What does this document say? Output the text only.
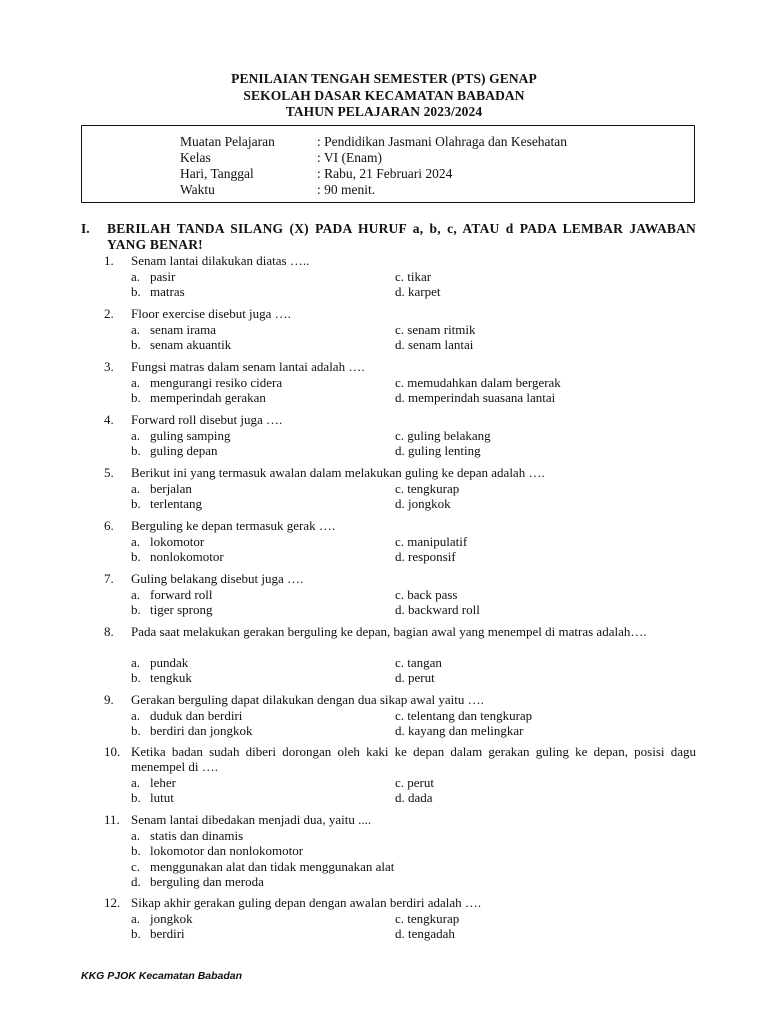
PENILAIAN TENGAH SEMESTER (PTS) GENAP
SEKOLAH DASAR KECAMATAN BABADAN
TAHUN PELAJARAN 2023/2024
Muatan Pelajaran	: Pendidikan Jasmani Olahraga dan Kesehatan
Kelas	: VI (Enam)
Hari, Tanggal	: Rabu, 21 Februari 2024
Waktu	: 90 menit.
I. BERILAH TANDA SILANG (X) PADA HURUF a, b, c, ATAU d PADA LEMBAR JAWABAN YANG BENAR!
1. Senam lantai dilakukan diatas …..
a. pasir	c. tikar
b. matras	d. karpet
2. Floor exercise disebut juga ….
a. senam irama	c. senam ritmik
b. senam akuantik	d. senam lantai
3. Fungsi matras dalam senam lantai adalah ….
a. mengurangi resiko cidera	c. memudahkan dalam bergerak
b. memperindah gerakan	d. memperindah suasana lantai
4. Forward roll disebut juga ….
a. guling samping	c. guling belakang
b. guling depan	d. guling lenting
5. Berikut ini yang termasuk awalan dalam melakukan guling ke depan adalah ….
a. berjalan	c. tengkurap
b. terlentang	d. jongkok
6. Berguling ke depan termasuk gerak ….
a. lokomotor	c. manipulatif
b. nonlokomotor	d. responsif
7. Guling belakang disebut juga ….
a. forward roll	c. back pass
b. tiger sprong	d. backward roll
8. Pada saat melakukan gerakan berguling ke depan, bagian awal yang menempel di matras adalah….
a. pundak	c. tangan
b. tengkuk	d. perut
9. Gerakan berguling dapat dilakukan dengan dua sikap awal yaitu ….
a. duduk dan berdiri	c. telentang dan tengkurap
b. berdiri dan jongkok	d. kayang dan melingkar
10. Ketika badan sudah diberi dorongan oleh kaki ke depan dalam gerakan guling ke depan, posisi dagu menempel di ….
a. leher	c. perut
b. lutut	d. dada
11. Senam lantai dibedakan menjadi dua, yaitu ....
a. statis dan dinamis
b. lokomotor dan nonlokomotor
c. menggunakan alat dan tidak menggunakan alat
d. berguling dan meroda
12. Sikap akhir gerakan guling depan dengan awalan berdiri adalah ….
a. jongkok	c. tengkurap
b. berdiri	d. tengadah
KKG PJOK Kecamatan Babadan
